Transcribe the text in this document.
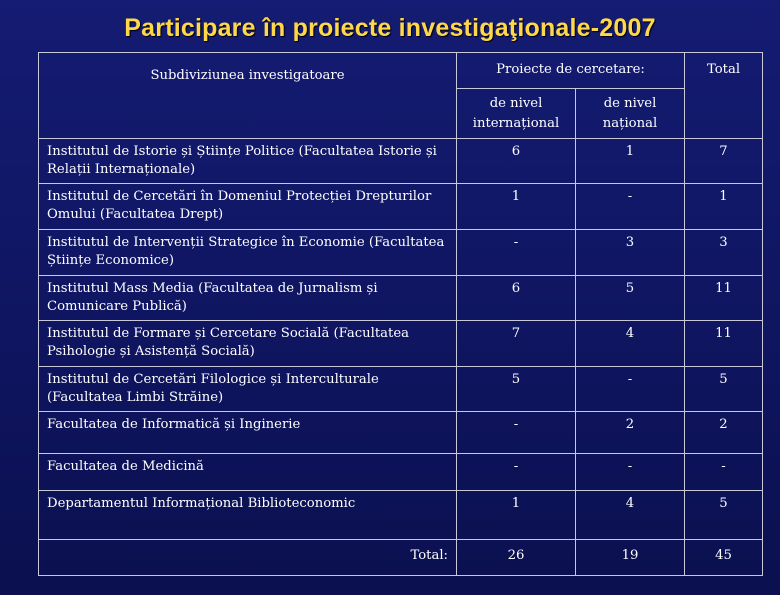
Participare în proiecte investigaţionale-2007
Subdiviziunea investigatoare	Proiecte de cercetare:		Total
	de nivel internațional	de nivel național	
Institutul de Istorie și Științe Politice (Facultatea Istorie și Relații Internaționale)	6	1	7
Institutul de Cercetări în Domeniul Protecției Drepturilor Omului (Facultatea Drept)	1	-	1
Institutul de Intervenții Strategice în Economie (Facultatea Științe Economice)	-	3	3
Institutul Mass Media (Facultatea de Jurnalism și Comunicare Publică)	6	5	11
Institutul de Formare și Cercetare Socială (Facultatea Psihologie și Asistență Socială)	7	4	11
Institutul de Cercetări Filologice și Interculturale (Facultatea Limbi Străine)	5	-	5
Facultatea de Informatică și Inginerie	-	2	2
Facultatea de Medicină	-	-	-
Departamentul Informațional Biblioteconomic	1	4	5
Total:	26	19	45
